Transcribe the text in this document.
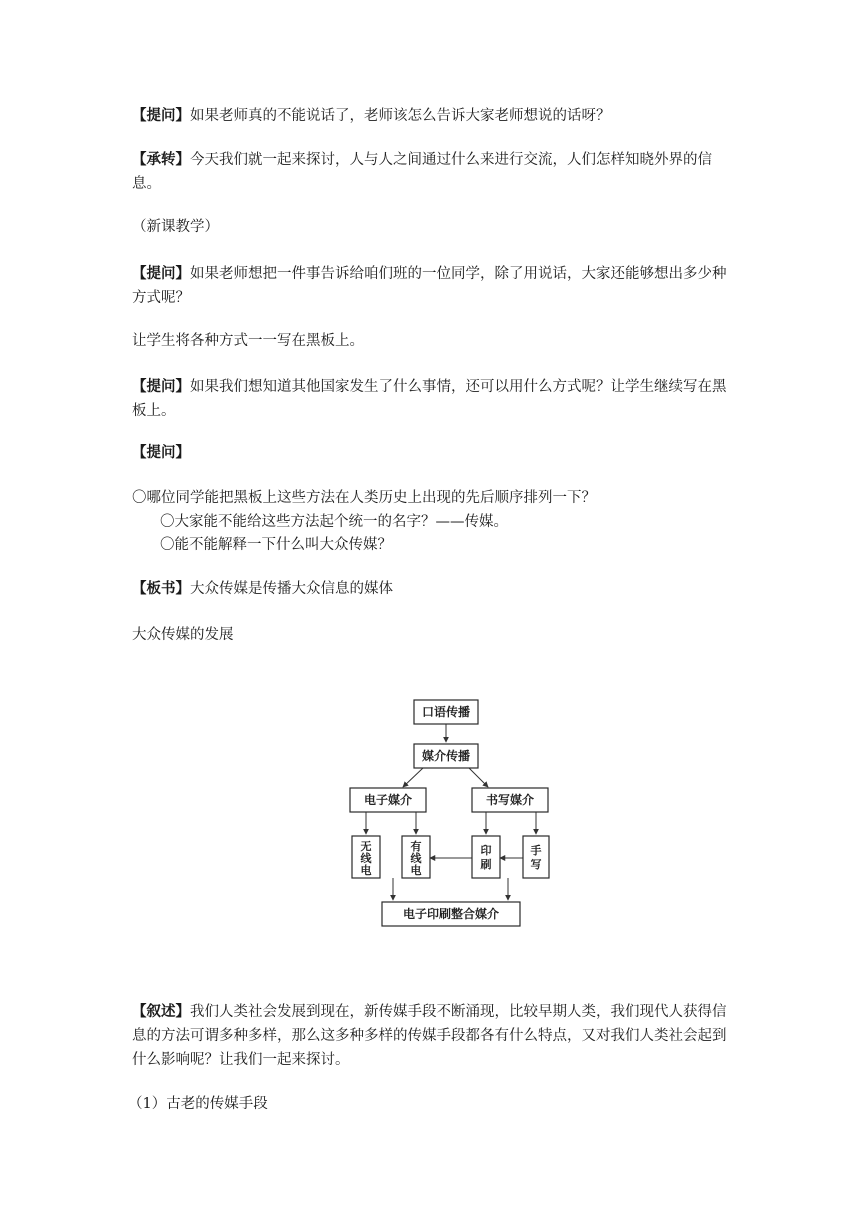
【提问】如果老师真的不能说话了，老师该怎么告诉大家老师想说的话呀？

【承转】今天我们就一起来探讨，人与人之间通过什么来进行交流，人们怎样知晓外界的信息。

（新课教学）

【提问】如果老师想把一件事告诉给咱们班的一位同学，除了用说话，大家还能够想出多少种方式呢？

让学生将各种方式一一写在黑板上。

【提问】如果我们想知道其他国家发生了什么事情，还可以用什么方式呢？让学生继续写在黑板上。

【提问】

〇哪位同学能把黑板上这些方法在人类历史上出现的先后顺序排列一下？

〇大家能不能给这些方法起个统一的名字？——传媒。

〇能不能解释一下什么叫大众传媒？

【板书】大众传媒是传播大众信息的媒体

大众传媒的发展

口语传播
媒介传播
电子媒介	书写媒介
无线电
有线电
印刷
手写
电子印刷整合媒介

【叙述】我们人类社会发展到现在，新传媒手段不断涌现，比较早期人类，我们现代人获得信息的方法可谓多种多样，那么这多种多样的传媒手段都各有什么特点，又对我们人类社会起到什么影响呢？让我们一起来探讨。

（1）古老的传媒手段
